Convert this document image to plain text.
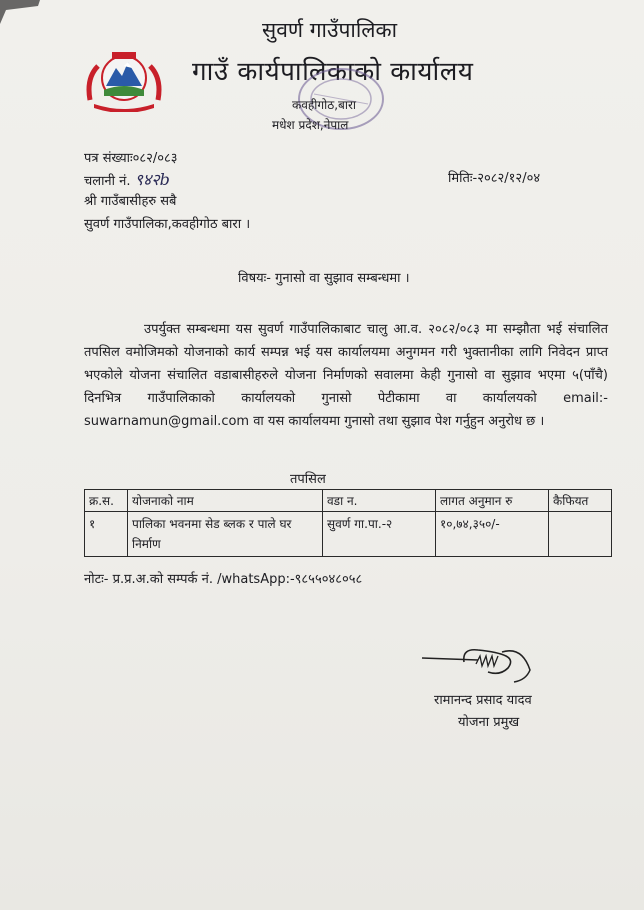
सुवर्ण गाउँपालिका
गाउँ कार्यपालिकाको कार्यालय
कवहीगोठ,बारा
मधेश प्रदेश,नेपाल
पत्र संख्याः०८२/०८३
चलानी नं. ९४२b	मितिः-२०८२/१२/०४
श्री गाउँबासीहरु सबै
सुवर्ण गाउँपालिका,कवहीगोठ बारा ।
विषयः- गुनासो वा सुझाव सम्बन्धमा ।

उपर्युक्त सम्बन्धमा यस सुवर्ण गाउँपालिकाबाट चालु आ.व. २०८२/०८३ मा सम्झौता भई संचालित तपसिल वमोजिमको योजनाको कार्य सम्पन्न भई यस कार्यालयमा अनुगमन गरी भुक्तानीका लागि निवेदन प्राप्त भएकोले योजना संचालित वडाबासीहरुले योजना निर्माणको सवालमा केही गुनासो वा सुझाव भएमा ५(पाँचै) दिनभित्र गाउँपालिकाको कार्यालयको गुनासो पेटीकामा वा कार्यालयको email:-suwarnamun@gmail.com वा यस कार्यालयमा गुनासो तथा सुझाव पेश गर्नुहुन अनुरोध छ ।

तपसिल
क्र.स.	योजनाको नाम	वडा न.	लागत अनुमान रु	कैफियत
१	पालिका भवनमा सेड ब्लक र पाले घर निर्माण	सुवर्ण गा.पा.-२	१०,७४,३५०/-	
नोटः- प्र.प्र.अ.को सम्पर्क नं. /whatsApp:-९८५५०४८०५८
रामानन्द प्रसाद यादव
योजना प्रमुख
